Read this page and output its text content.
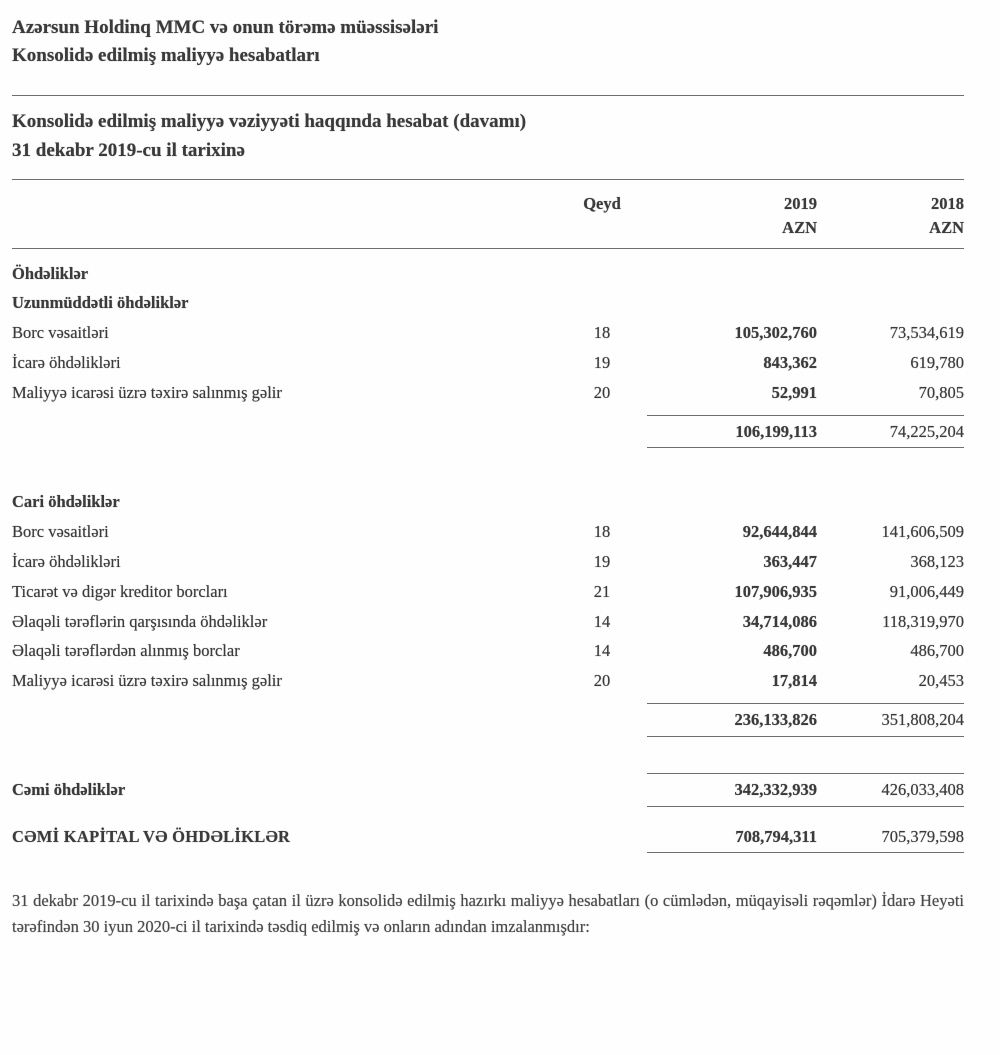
Azərsun Holdinq MMC və onun törəmə müəssisələri
Konsolidə edilmiş maliyyə hesabatları
Konsolidə edilmiş maliyyə vəziyyəti haqqında hesabat (davamı)
31 dekabr 2019-cu il tarixinə
Qeyd	2019	2018
AZN	AZN
Öhdəliklər
Uzunmüddətli öhdəliklər
Borc vəsaitləri	18	105,302,760	73,534,619
İcarə öhdəlikləri	19	843,362	619,780
Maliyyə icarəsi üzrə təxirə salınmış gəlir	20	52,991	70,805
106,199,113	74,225,204
Cari öhdəliklər
Borc vəsaitləri	18	92,644,844	141,606,509
İcarə öhdəlikləri	19	363,447	368,123
Ticarət və digər kreditor borcları	21	107,906,935	91,006,449
Əlaqəli tərəflərin qarşısında öhdəliklər	14	34,714,086	118,319,970
Əlaqəli tərəflərdən alınmış borclar	14	486,700	486,700
Maliyyə icarəsi üzrə təxirə salınmış gəlir	20	17,814	20,453
236,133,826	351,808,204
Cəmi öhdəliklər	342,332,939	426,033,408
CƏMİ KAPİTAL VƏ ÖHDƏLİKLƏR	708,794,311	705,379,598
31 dekabr 2019-cu il tarixində başa çatan il üzrə konsolidə edilmiş hazırkı maliyyə hesabatları (o cümlədən, müqayisəli rəqəmlər) İdarə Heyəti tərəfindən 30 iyun 2020-ci il tarixində təsdiq edilmiş və onların adından imzalanmışdır:
